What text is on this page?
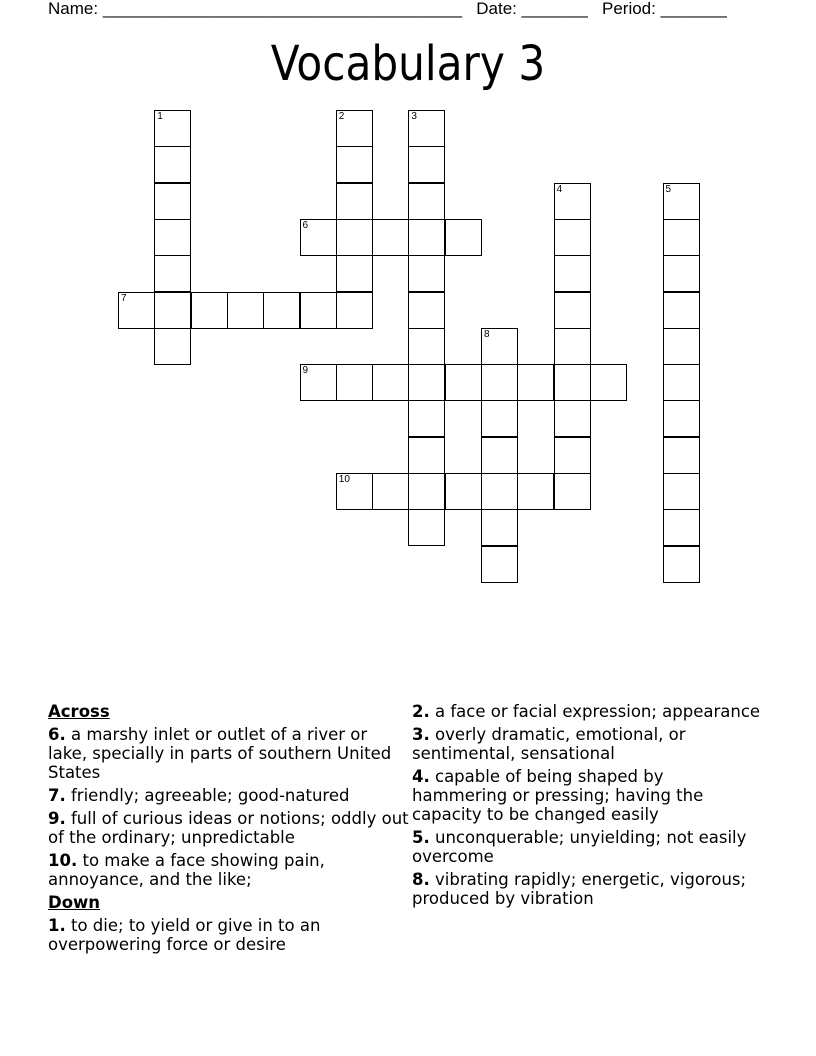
Name: ______________________________________ Date: _______ Period: _______
Vocabulary 3
1	2	3
4	5
6
7
8
9
10
Across
6. a marshy inlet or outlet of a river or lake, specially in parts of southern United States
7. friendly; agreeable; good-natured
9. full of curious ideas or notions; oddly out of the ordinary; unpredictable
10. to make a face showing pain, annoyance, and the like;
Down
1. to die; to yield or give in to an overpowering force or desire
2. a face or facial expression; appearance
3. overly dramatic, emotional, or sentimental, sensational
4. capable of being shaped by hammering or pressing; having the capacity to be changed easily
5. unconquerable; unyielding; not easily overcome
8. vibrating rapidly; energetic, vigorous; produced by vibration
